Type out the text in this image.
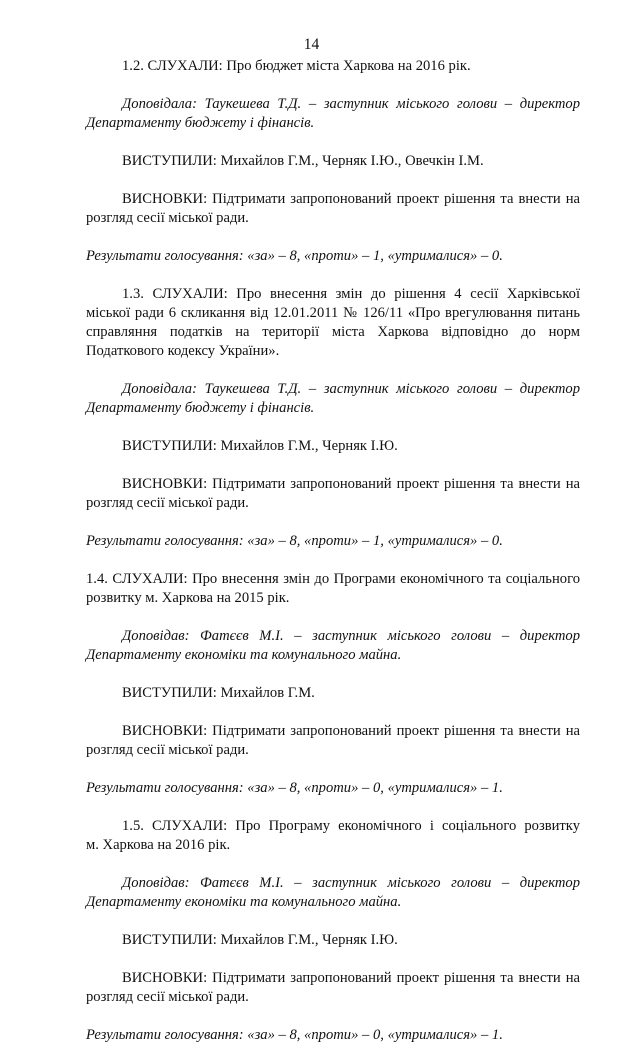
14

1.2. СЛУХАЛИ: Про бюджет міста Харкова на 2016 рік.

Доповідала: Таукешева Т.Д. – заступник міського голови – директор

Департаменту бюджету і фінансів.

ВИСТУПИЛИ: Михайлов Г.М., Черняк І.Ю., Овечкін І.М.

ВИСНОВКИ: Підтримати запропонований проект рішення та внести на

розгляд сесії міської ради.

Результати голосування: «за» – 8, «проти» – 1, «утрималися» – 0.

1.3. СЛУХАЛИ: Про внесення змін до рішення 4 сесії Харківської

міської ради 6 скликання від 12.01.2011 № 126/11 «Про врегулювання питань

справляння податків на території міста Харкова відповідно до норм

Податкового кодексу України».

Доповідала: Таукешева Т.Д. – заступник міського голови – директор

Департаменту бюджету і фінансів.

ВИСТУПИЛИ: Михайлов Г.М., Черняк І.Ю.

ВИСНОВКИ: Підтримати запропонований проект рішення та внести на

розгляд сесії міської ради.

Результати голосування: «за» – 8, «проти» – 1, «утрималися» – 0.

1.4. СЛУХАЛИ: Про внесення змін до Програми економічного та соціального

розвитку м. Харкова на 2015 рік.

Доповідав: Фатєєв М.І. – заступник міського голови – директор

Департаменту економіки та комунального майна.

ВИСТУПИЛИ: Михайлов Г.М.

ВИСНОВКИ: Підтримати запропонований проект рішення та внести на

розгляд сесії міської ради.

Результати голосування: «за» – 8, «проти» – 0, «утрималися» – 1.

1.5. СЛУХАЛИ: Про Програму економічного і соціального розвитку

м. Харкова на 2016 рік.

Доповідав: Фатєєв М.І. – заступник міського голови – директор

Департаменту економіки та комунального майна.

ВИСТУПИЛИ: Михайлов Г.М., Черняк І.Ю.

ВИСНОВКИ: Підтримати запропонований проект рішення та внести на

розгляд сесії міської ради.

Результати голосування: «за» – 8, «проти» – 0, «утрималися» – 1.
